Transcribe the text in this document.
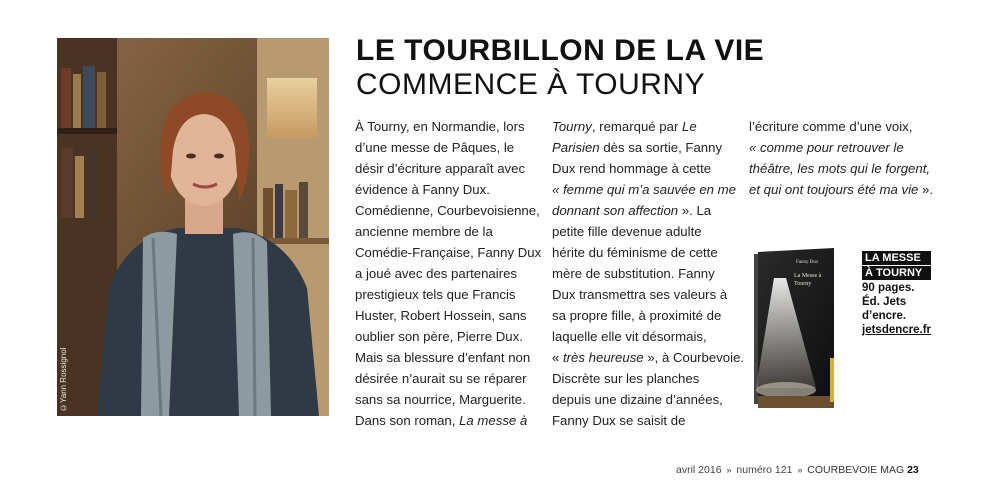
©Yann Rossignol
LE TOURBILLON DE LA VIE
COMMENCE À TOURNY
À Tourny, en Normandie, lors
d’une messe de Pâques, le
désir d’écriture apparaît avec
évidence à Fanny Dux.
Comédienne, Courbevoisienne,
ancienne membre de la
Comédie-Française, Fanny Dux
a joué avec des partenaires
prestigieux tels que Francis
Huster, Robert Hossein, sans
oublier son père, Pierre Dux.
Mais sa blessure d’enfant non
désirée n’aurait su se réparer
sans sa nourrice, Marguerite.
Dans son roman, La messe à
Tourny, remarqué par Le
Parisien dès sa sortie, Fanny
Dux rend hommage à cette
« femme qui m’a sauvée en me
donnant son affection ». La
petite fille devenue adulte
hérite du féminisme de cette
mère de substitution. Fanny
Dux transmettra ses valeurs à
sa propre fille, à proximité de
laquelle elle vit désormais,
« très heureuse », à Courbevoie.
Discrète sur les planches
depuis une dizaine d’années,
Fanny Dux se saisit de
l’écriture comme d’une voix,
« comme pour retrouver le
théâtre, les mots qui le forgent,
et qui ont toujours été ma vie ».
Fanny Dux
La Messe à Tourny
LA MESSE
À TOURNY
90 pages.
Éd. Jets
d’encre.
jetsdencre.fr
avril 2016 » numéro 121 » COURBEVOIE MAG 23
